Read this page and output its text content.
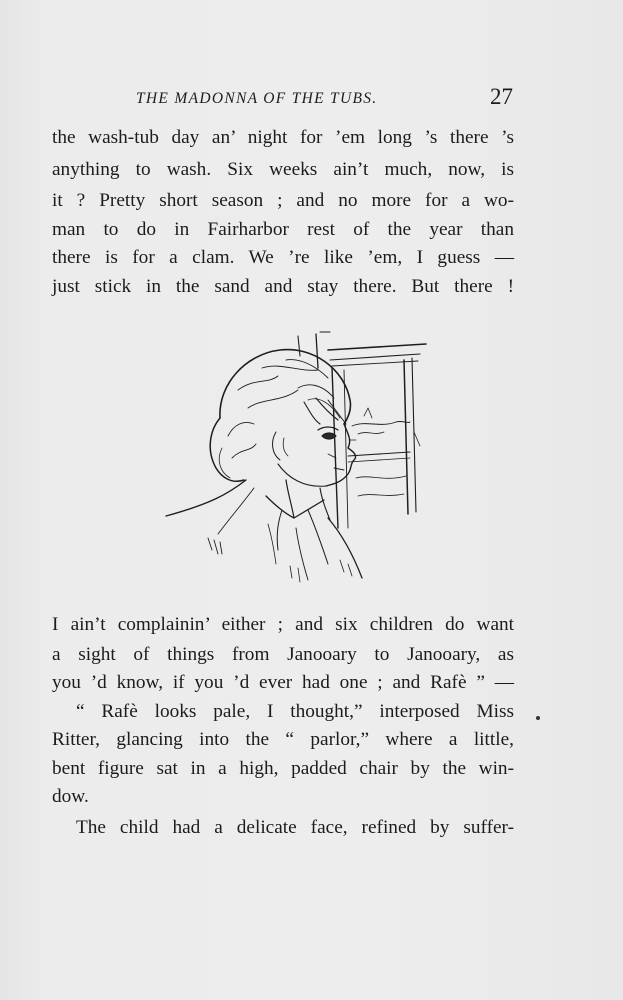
THE MADONNA OF THE TUBS.	27
the wash-tub day an’ night for ’em long ’s there ’s
anything to wash. Six weeks ain’t much, now, is
it ? Pretty short season ; and no more for a wo-
man to do in Fairharbor rest of the year than
there is for a clam. We ’re like ’em, I guess —
just stick in the sand and stay there. But there !
I ain’t complainin’ either ; and six children do want
a sight of things from Janooary to Janooary, as
you ’d know, if you ’d ever had one ; and Rafè ” —
“ Rafè looks pale, I thought,” interposed Miss
Ritter, glancing into the “ parlor,” where a little,
bent figure sat in a high, padded chair by the win-
dow.
The child had a delicate face, refined by suffer-
